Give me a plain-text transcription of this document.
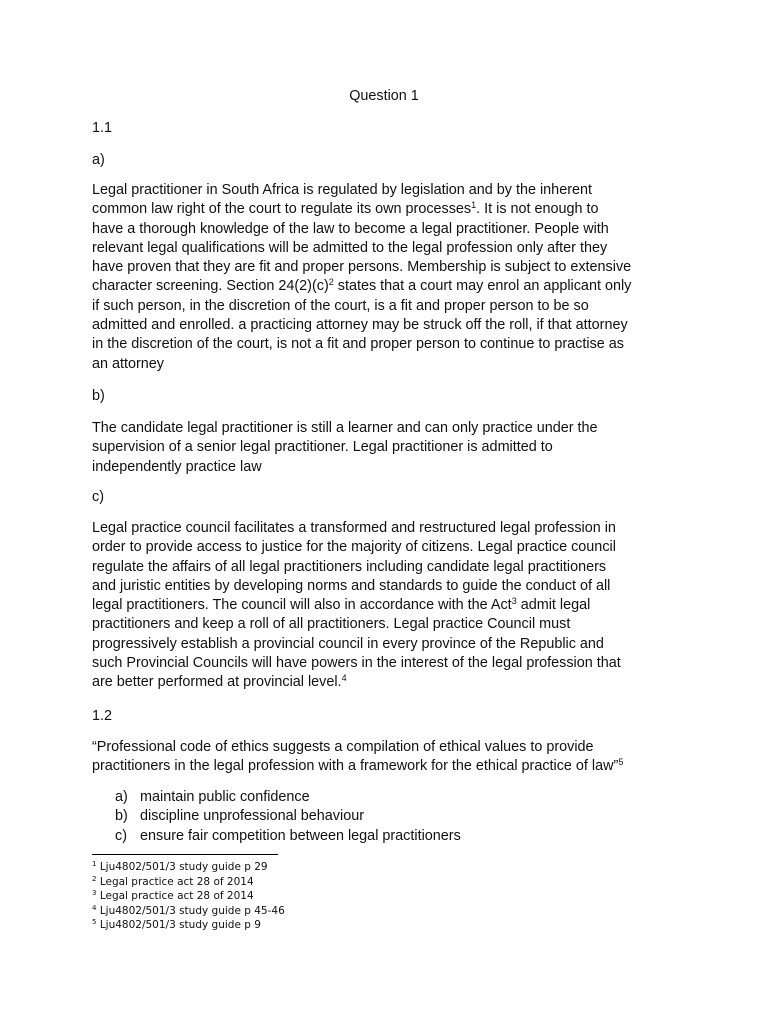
Question 1

1.1

a)

Legal practitioner in South Africa is regulated by legislation and by the inherent
common law right of the court to regulate its own processes$^1$. It is not enough to
have a thorough knowledge of the law to become a legal practitioner. People with
relevant legal qualifications will be admitted to the legal profession only after they
have proven that they are fit and proper persons. Membership is subject to extensive
character screening. Section $24(2)(c)^2$ states that a court may enrol an applicant only
if such person, in the discretion of the court, is a fit and proper person to be so
admitted and enrolled. a practicing attorney may be struck off the roll, if that attorney
in the discretion of the court, is not a fit and proper person to continue to practise as
an attorney

b)

The candidate legal practitioner is still a learner and can only practice under the
supervision of a senior legal practitioner. Legal practitioner is admitted to
independently practice law

c)

Legal practice council facilitates a transformed and restructured legal profession in
order to provide access to justice for the majority of citizens. Legal practice council
regulate the affairs of all legal practitioners including candidate legal practitioners
and juristic entities by developing norms and standards to guide the conduct of all
legal practitioners. The council will also in accordance with the Act$^3$ admit legal
practitioners and keep a roll of all practitioners. Legal practice Council must
progressively establish a provincial council in every province of the Republic and
such Provincial Councils will have powers in the interest of the legal profession that
are better performed at provincial level.$^4$

1.2

“Professional code of ethics suggests a compilation of ethical values to provide
practitioners in the legal profession with a framework for the ethical practice of law”$^5$
a) maintain public confidence
b) discipline unprofessional behaviour
c) ensure fair competition between legal practitioners
$^1$ Lju4802/501/3 study guide p 29
$^2$ Legal practice act 28 of 2014
$^3$ Legal practice act 28 of 2014
$^4$ Lju4802/501/3 study guide p 45-46
$^5$ Lju4802/501/3 study guide p 9
